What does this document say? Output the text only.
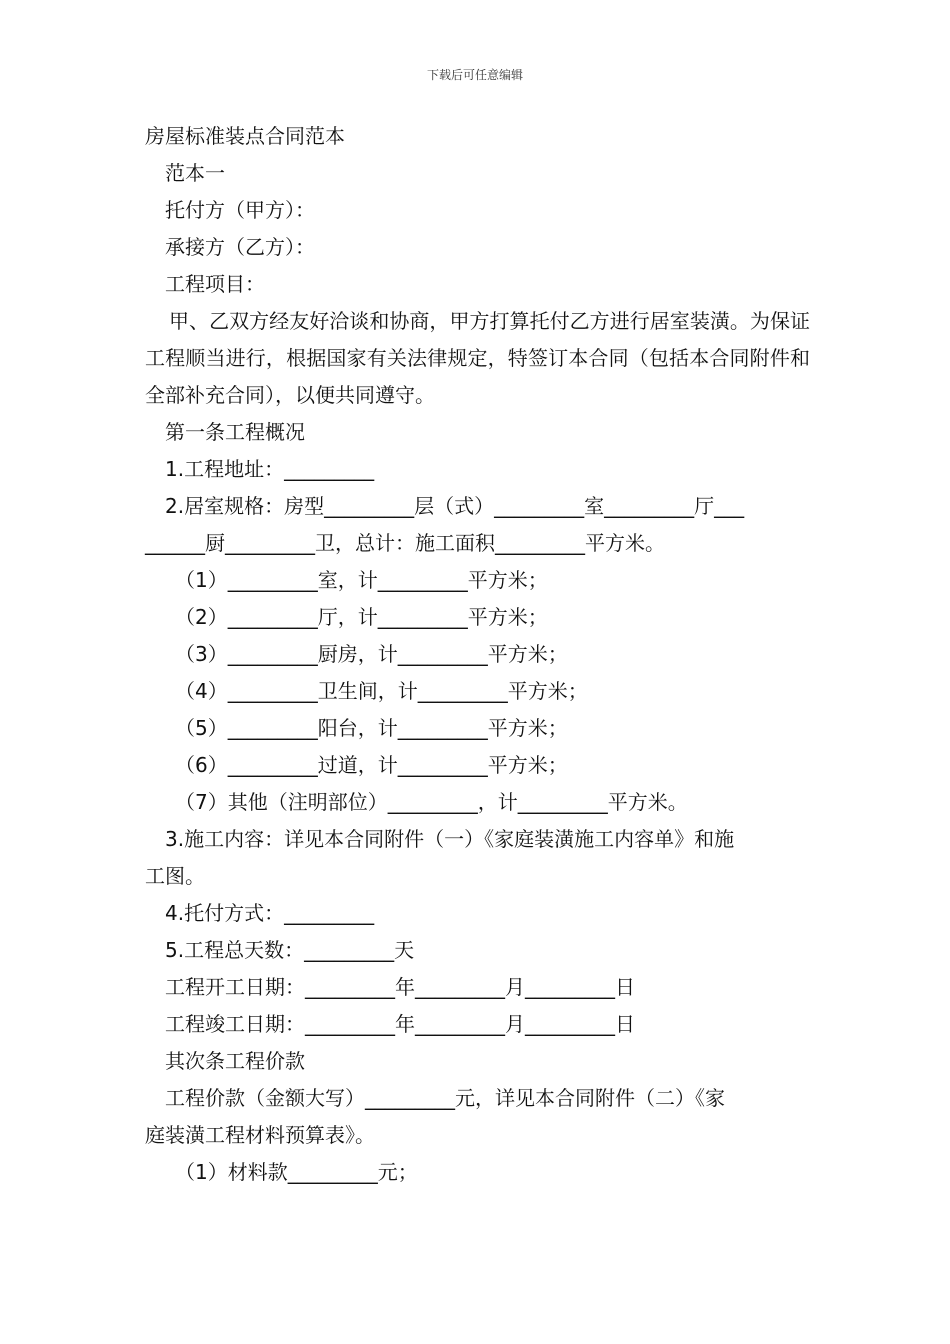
下载后可任意编辑
房屋标准装点合同范本
范本一
托付方（甲方）：
承接方（乙方）：
工程项目：
甲、乙双方经友好洽谈和协商，甲方打算托付乙方进行居室装潢。为保证工程顺当进行，根据国家有关法律规定，特签订本合同（包括本合同附件和全部补充合同），以便共同遵守。
第一条工程概况
1.工程地址：_________
2.居室规格：房型_________层（式）_________室_________厅___
______厨_________卫，总计：施工面积_________平方米。
（1）_________室，计_________平方米；
（2）_________厅，计_________平方米；
（3）_________厨房，计_________平方米；
（4）_________卫生间，计_________平方米；
（5）_________阳台，计_________平方米；
（6）_________过道，计_________平方米；
（7）其他（注明部位）_________，计_________平方米。
3.施工内容：详见本合同附件（一）《家庭装潢施工内容单》和施
工图。
4.托付方式：_________
5.工程总天数：_________天
工程开工日期：_________年_________月_________日
工程竣工日期：_________年_________月_________日
其次条工程价款
工程价款（金额大写）_________元，详见本合同附件（二）《家
庭装潢工程材料预算表》。
（1）材料款_________元；
